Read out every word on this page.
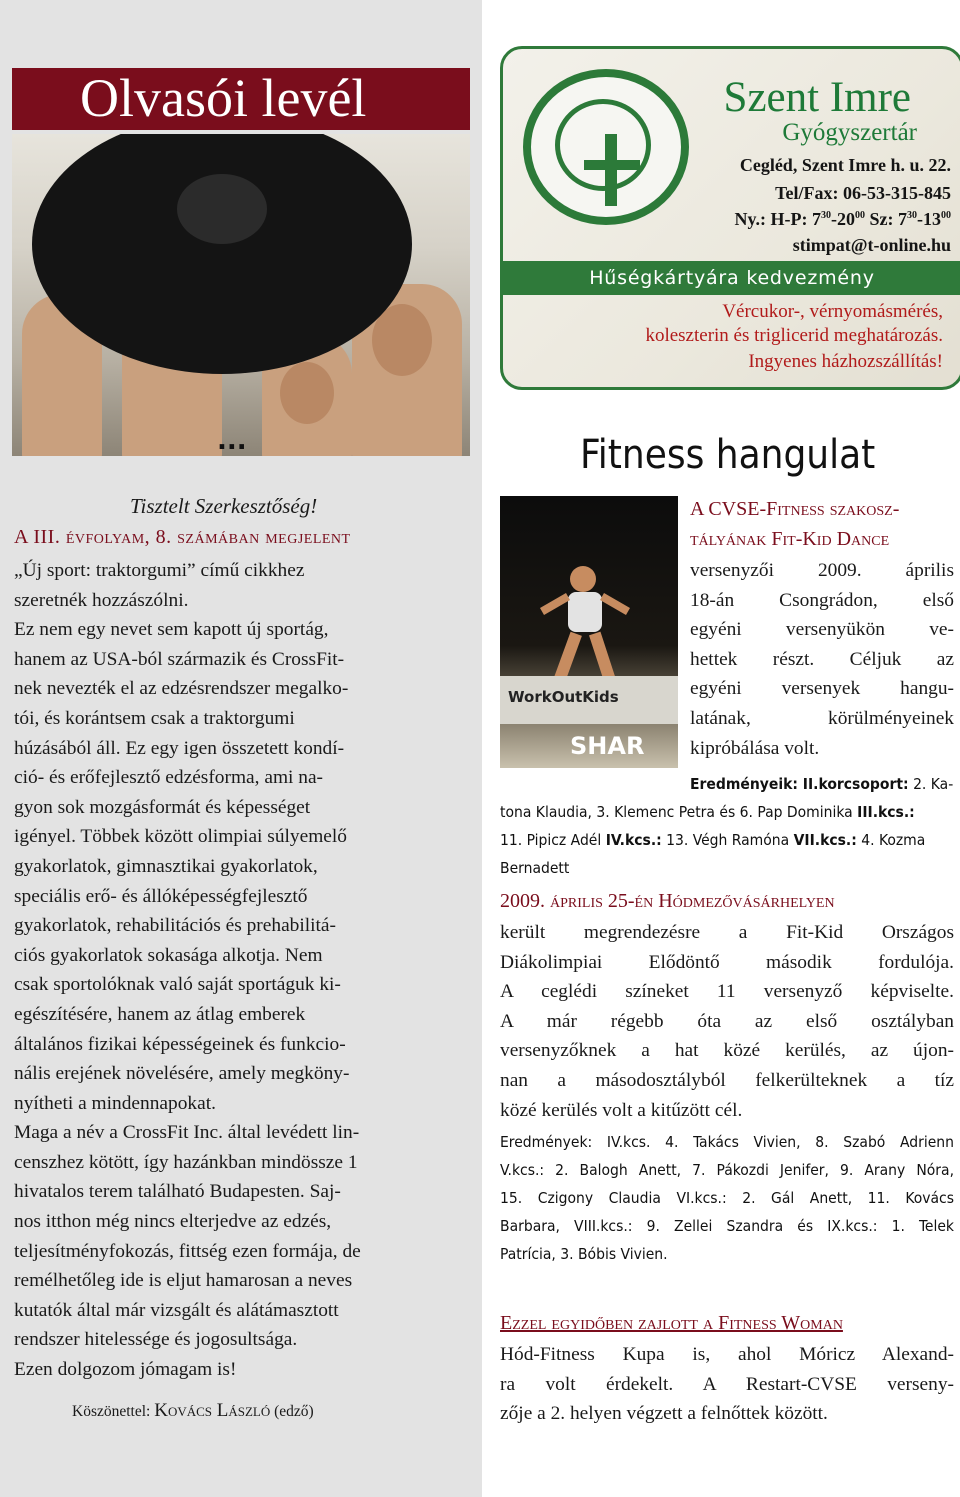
Olvasói levél
...
Tisztelt Szerkesztőség!
A III. évfolyam, 8. számában megjelent

„Új sport: traktorgumi” című cikkhez

szeretnék hozzászólni.

Ez nem egy nevet sem kapott új sportág,

hanem az USA-ból származik és CrossFit-

nek nevezték el az edzésrendszer megalko-

tói, és korántsem csak a traktorgumi

húzásából áll. Ez egy igen összetett kondí-

ció- és erőfejlesztő edzésforma, ami na-

gyon sok mozgásformát és képességet

igényel. Többek között olimpiai súlyemelő

gyakorlatok, gimnasztikai gyakorlatok,

speciális erő- és állóképességfejlesztő

gyakorlatok, rehabilitációs és prehabilitá-

ciós gyakorlatok sokasága alkotja. Nem

csak sportolóknak való saját sportáguk ki-

egészítésére, hanem az átlag emberek

általános fizikai képességeinek és funkcio-

nális erejének növelésére, amely megköny-

nyítheti a mindennapokat.

Maga a név a CrossFit Inc. által levédett lin-

censzhez kötött, így hazánkban mindössze 1

hivatalos terem található Budapesten. Saj-

nos itthon még nincs elterjedve az edzés,

teljesítményfokozás, fittség ezen formája, de

remélhetőleg ide is eljut hamarosan a neves

kutatók által már vizsgált és alátámasztott

rendszer hitelessége és jogosultsága.

Ezen dolgozom jómagam is!

Köszönettel: Kovács László (edző)
Szent Imre
Gyógyszertár
Cegléd, Szent Imre h. u. 22.
Tel/Fax: 06-53-315-845
Ny.: H-P: $7^{30}-20^{00}$ Sz: $7^{30}-13^{00}$
stimpat@t-online.hu
Hűségkártyára kedvezmény
Vércukor-, vérnyomásmérés,
koleszterin és triglicerid meghatározás.
Ingyenes házhozszállítás!
Fitness hangulat
WorkOutKids
SHAR
A CVSE-Fitness szakosz-
tályának Fit-Kid Dance
versenyzői 2009. április
18-án Csongrádon, első
egyéni versenyükön ve-
hettek részt. Céljuk az
egyéni versenyek hangu-
latának, körülményeinek
kipróbálása volt.
Eredményeik: II.korcsoport: 2. Ka-
tona Klaudia, 3. Klemenc Petra és 6. Pap Dominika III.kcs.:
11. Pipicz Adél IV.kcs.: 13. Végh Ramóna VII.kcs.: 4. Kozma
Bernadett
2009. április 25-én Hódmezővásárhelyen
került megrendezésre a Fit-Kid Országos
Diákolimpiai Elődöntő második fordulója.
A ceglédi színeket 11 versenyző képviselte.
A már régebb óta az első osztályban
versenyzőknek a hat közé kerülés, az újon-
nan a másodosztályból felkerülteknek a tíz
közé kerülés volt a kitűzött cél.
Eredmények: IV.kcs. 4. Takács Vivien, 8. Szabó Adrienn
V.kcs.: 2. Balogh Anett, 7. Pákozdi Jenifer, 9. Arany Nóra,
15. Czigony Claudia VI.kcs.: 2. Gál Anett, 11. Kovács
Barbara, VIII.kcs.: 9. Zellei Szandra és IX.kcs.: 1. Telek
Patrícia, 3. Bóbis Vivien.
Ezzel egyidőben zajlott a Fitness Woman
Hód-Fitness Kupa is, ahol Móricz Alexand-
ra volt érdekelt. A Restart-CVSE verseny-
zője a 2. helyen végzett a felnőttek között.
